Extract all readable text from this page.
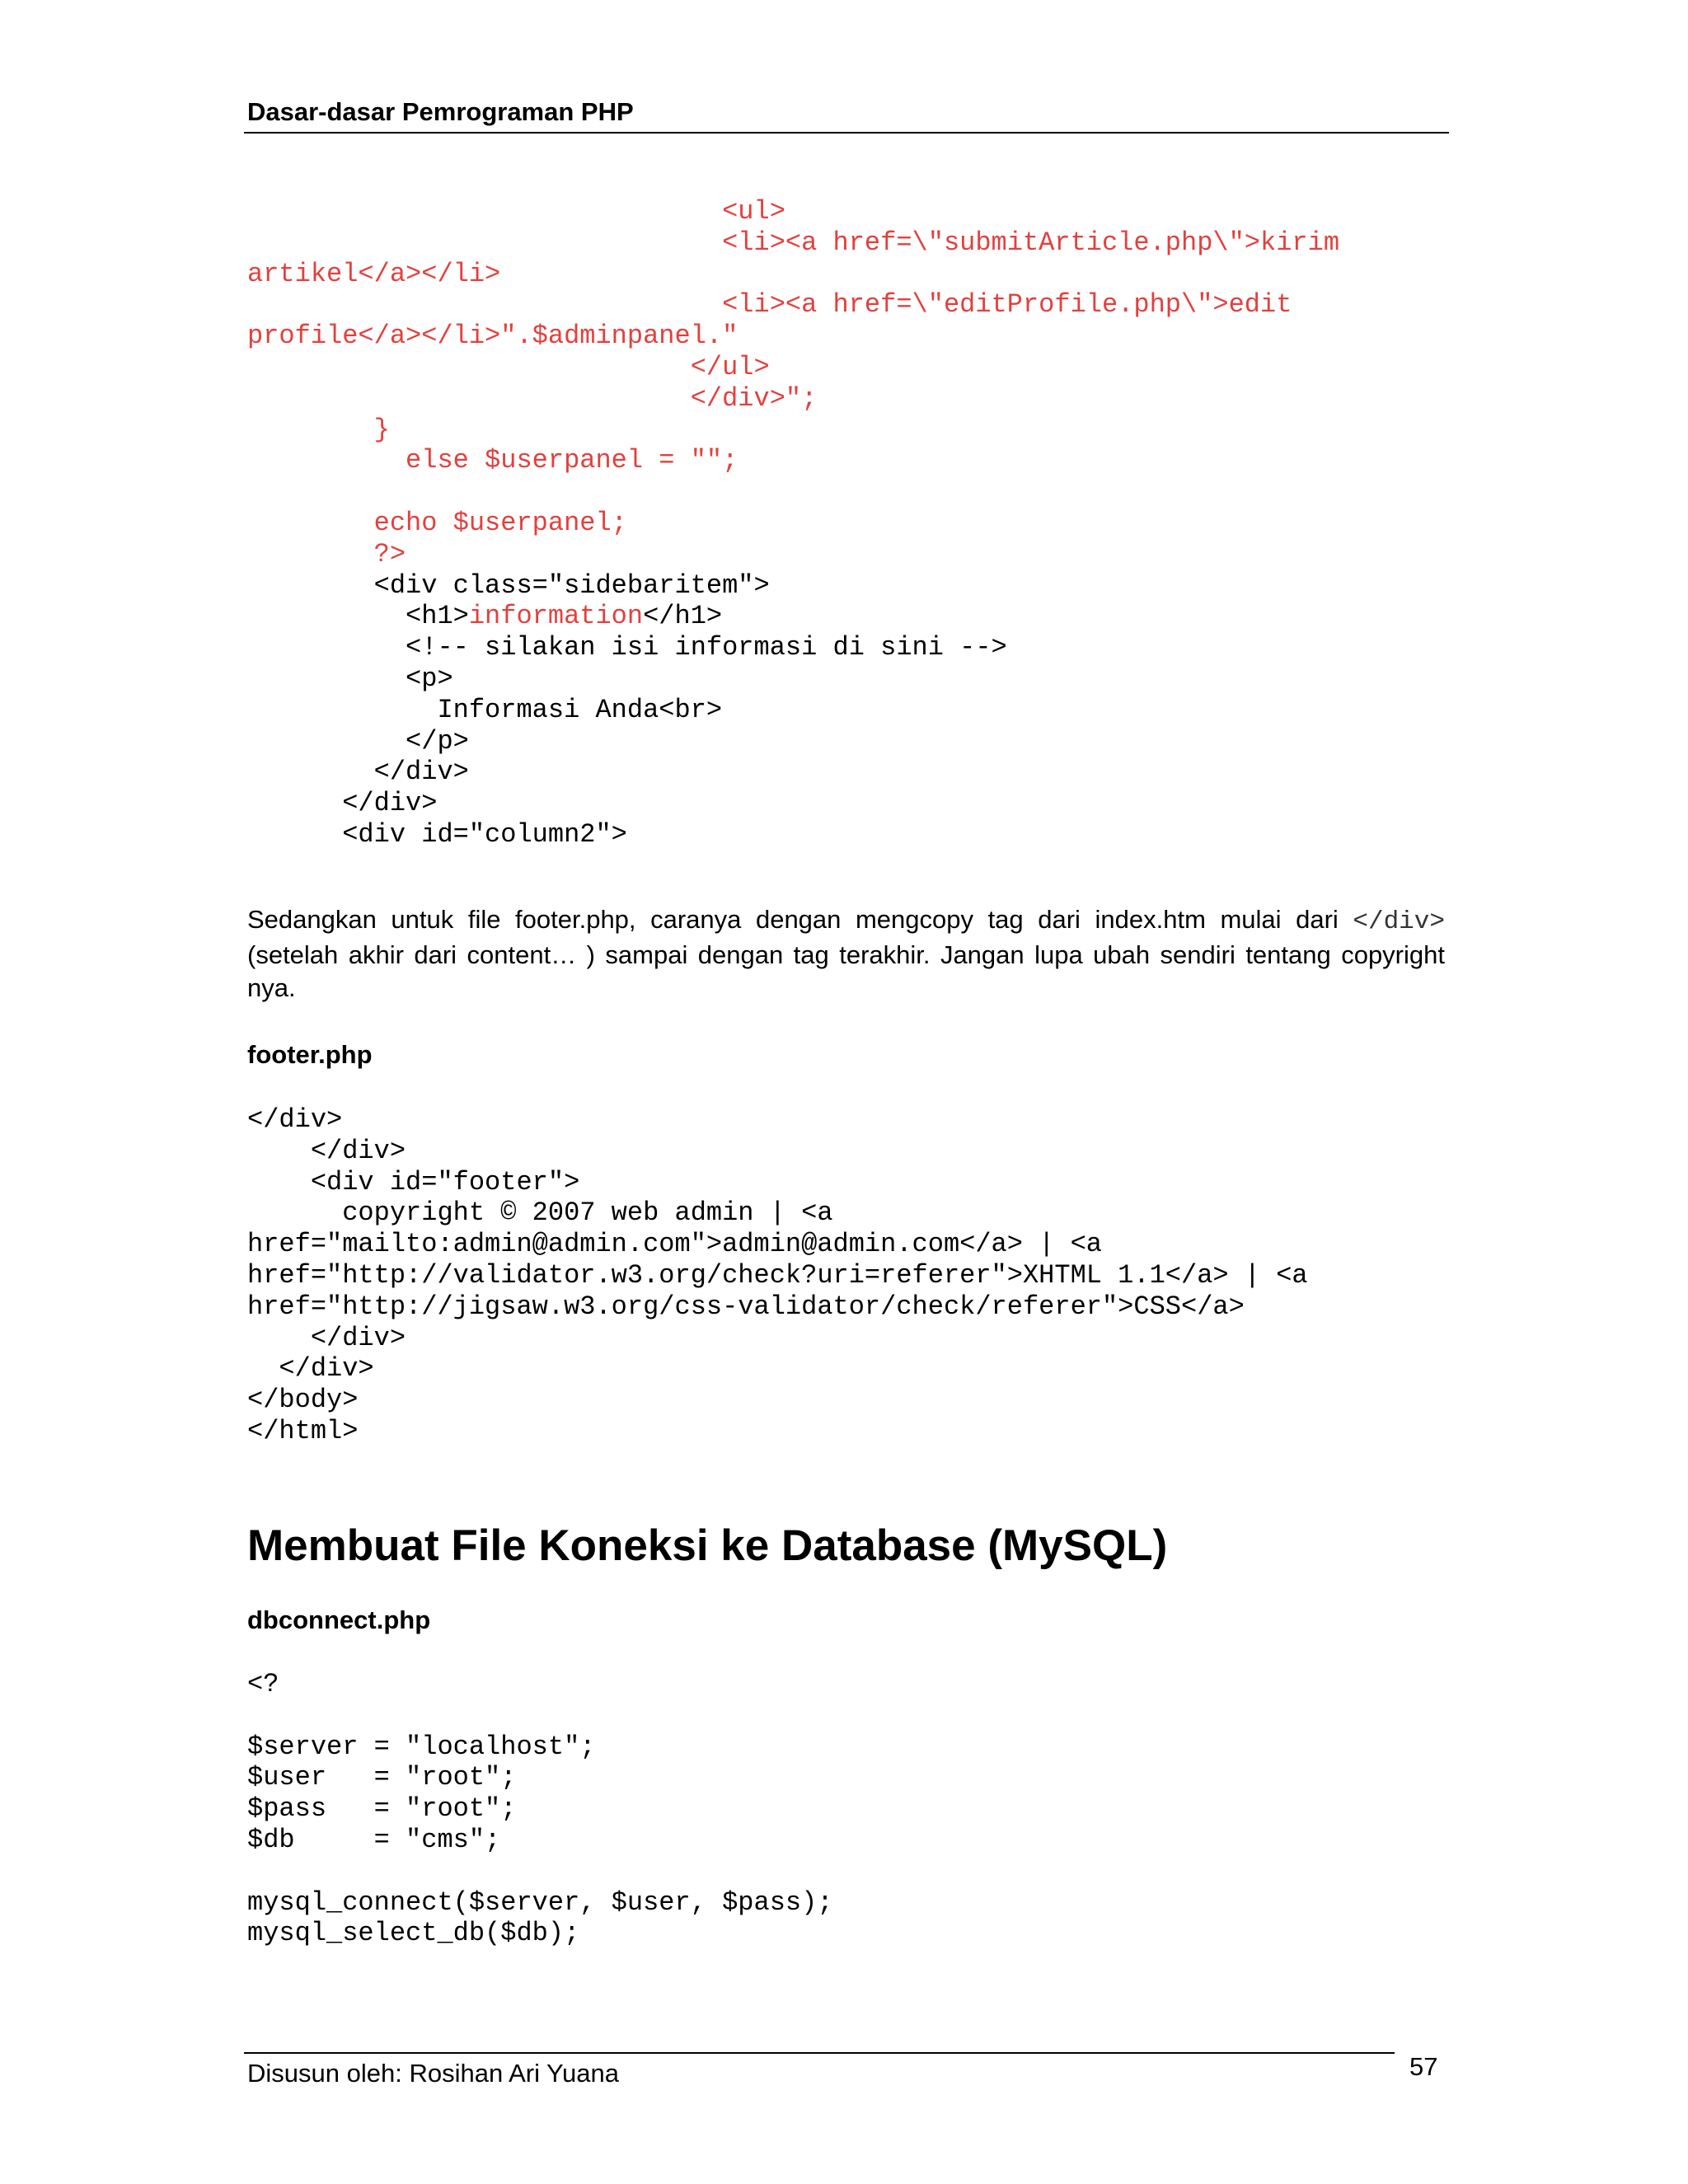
Dasar-dasar Pemrograman PHP
<ul>
<li><a href=\"submitArticle.php\">kirim
artikel</a></li>
<li><a href=\"editProfile.php\">edit
profile</a></li>".$adminpanel."
</ul>
</div>";
}
else $userpanel = "";

echo $userpanel;
?>
<div class="sidebaritem">
<h1>information</h1>
<!-- silakan isi informasi di sini -->
<p>
Informasi Anda<br>
</p>
</div>
</div>
<div id="column2">

Sedangkan untuk file footer.php, caranya dengan mengcopy tag dari index.htm mulai dari </div> (setelah akhir dari content… ) sampai dengan tag terakhir. Jangan lupa ubah sendiri tentang copyright nya.

footer.php
</div>
</div>
<div id="footer">
copyright © 2007 web admin | <a
href="mailto:admin@admin.com">admin@admin.com</a> | <a
href="http://validator.w3.org/check?uri=referer">XHTML 1.1</a> | <a
href="http://jigsaw.w3.org/css-validator/check/referer">CSS</a>
</div>
</div>
</body>
</html>
Membuat File Koneksi ke Database (MySQL)
dbconnect.php
<?

$server = "localhost";
$user   = "root";
$pass   = "root";
$db     = "cms";

mysql_connect($server, $user, $pass);
mysql_select_db($db);
Disusun oleh: Rosihan Ari Yuana	57
